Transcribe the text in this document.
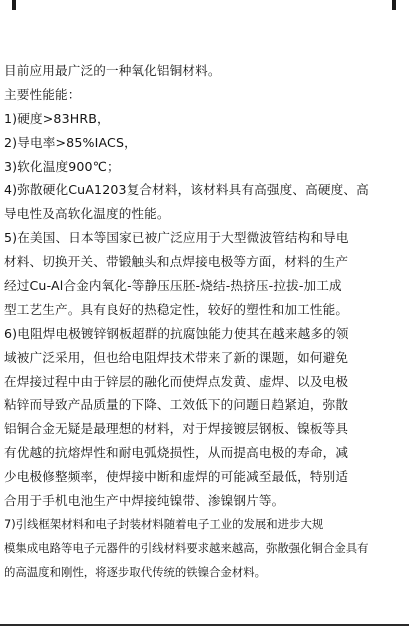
目前应用最广泛的一种氧化铝铜材料。
主要性能能：
1)硬度>83HRB，
2)导电率>85%IACS，
3)软化温度900℃；
4)弥散硬化CuA1203复合材料，该材料具有高强度、高硬度、高
导电性及高软化温度的性能。
5)在美国、日本等国家已被广泛应用于大型微波管结构和导电
材料、切换开关、带锻触头和点焊接电极等方面，材料的生产
经过Cu-Al合金内氧化-等静压压胚-烧结-热挤压-拉拔-加工成
型工艺生产。具有良好的热稳定性，较好的塑性和加工性能。
6)电阻焊电极镀锌钢板超群的抗腐蚀能力使其在越来越多的领
域被广泛采用，但也给电阻焊技术带来了新的课题，如何避免
在焊接过程中由于锌层的融化而使焊点发黄、虚焊、以及电极
粘锌而导致产品质量的下降、工效低下的问题日趋紧迫，弥散
铝铜合金无疑是最理想的材料，对于焊接镀层钢板、镍板等具
有优越的抗熔焊性和耐电弧烧损性，从而提高电极的寿命，减
少电极修整频率，使焊接中断和虚焊的可能减至最低，特别适
合用于手机电池生产中焊接纯镍带、渗镍钢片等。
7)引线框架材料和电子封装材料随着电子工业的发展和进步大规
模集成电路等电子元器件的引线材料要求越来越高，弥散强化铜合金具有
的高温度和刚性，将逐步取代传统的铁镍合金材料。
